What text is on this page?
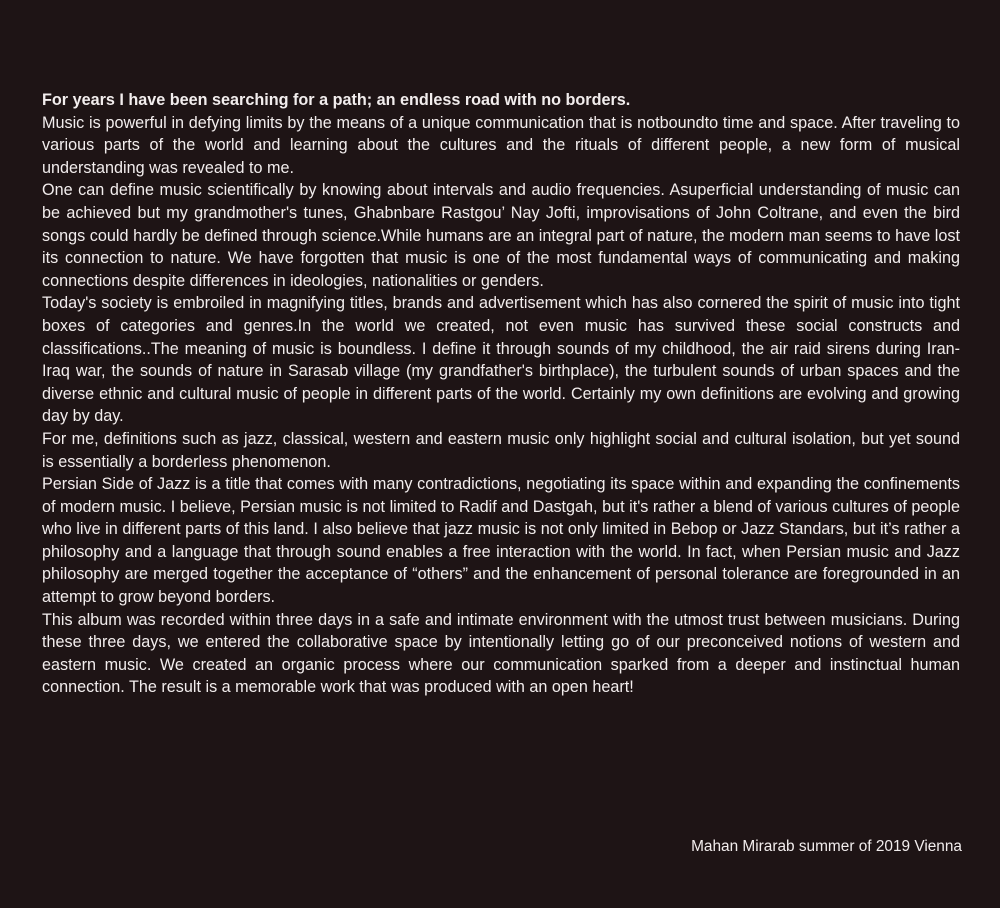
For years I have been searching for a path; an endless road with no borders.

Music is powerful in defying limits by the means of a unique communication that is notboundto time and space. After traveling to various parts of the world and learning about the cultures and the rituals of different people, a new form of musical understanding was revealed to me.

One can define music scientifically by knowing about intervals and audio frequencies. Asuperficial understanding of music can be achieved but my grandmother's tunes, Ghabnbare Rastgou’ Nay Jofti, improvisations of John Coltrane, and even the bird songs could hardly be defined through science.While humans are an integral part of nature, the modern man seems to have lost its connection to nature. We have forgotten that music is one of the most fundamental ways of communicating and making connections despite differences in ideologies, nationalities or genders.

Today's society is embroiled in magnifying titles, brands and advertisement which has also cornered the spirit of music into tight boxes of categories and genres.In the world we created, not even music has survived these social constructs and classifications..The meaning of music is boundless. I define it through sounds of my childhood, the air raid sirens during Iran-Iraq war, the sounds of nature in Sarasab village (my grandfather's birthplace), the turbulent sounds of urban spaces and the diverse ethnic and cultural music of people in different parts of the world. Certainly my own definitions are evolving and growing day by day.

For me, definitions such as jazz, classical, western and eastern music only highlight social and cultural isolation, but yet sound is essentially a borderless phenomenon.

Persian Side of Jazz is a title that comes with many contradictions, negotiating its space within and expanding the confinements of modern music. I believe, Persian music is not limited to Radif and Dastgah, but it's rather a blend of various cultures of people who live in different parts of this land. I also believe that jazz music is not only limited in Bebop or Jazz Standars, but it’s rather a philosophy and a language that through sound enables a free interaction with the world. In fact, when Persian music and Jazz philosophy are merged together the acceptance of “others” and the enhancement of personal tolerance are foregrounded in an attempt to grow beyond borders.

This album was recorded within three days in a safe and intimate environment with the utmost trust between musicians. During these three days, we entered the collaborative space by intentionally letting go of our preconceived notions of western and eastern music. We created an organic process where our communication sparked from a deeper and instinctual human connection. The result is a memorable work that was produced with an open heart!

Mahan Mirarab summer of 2019 Vienna
